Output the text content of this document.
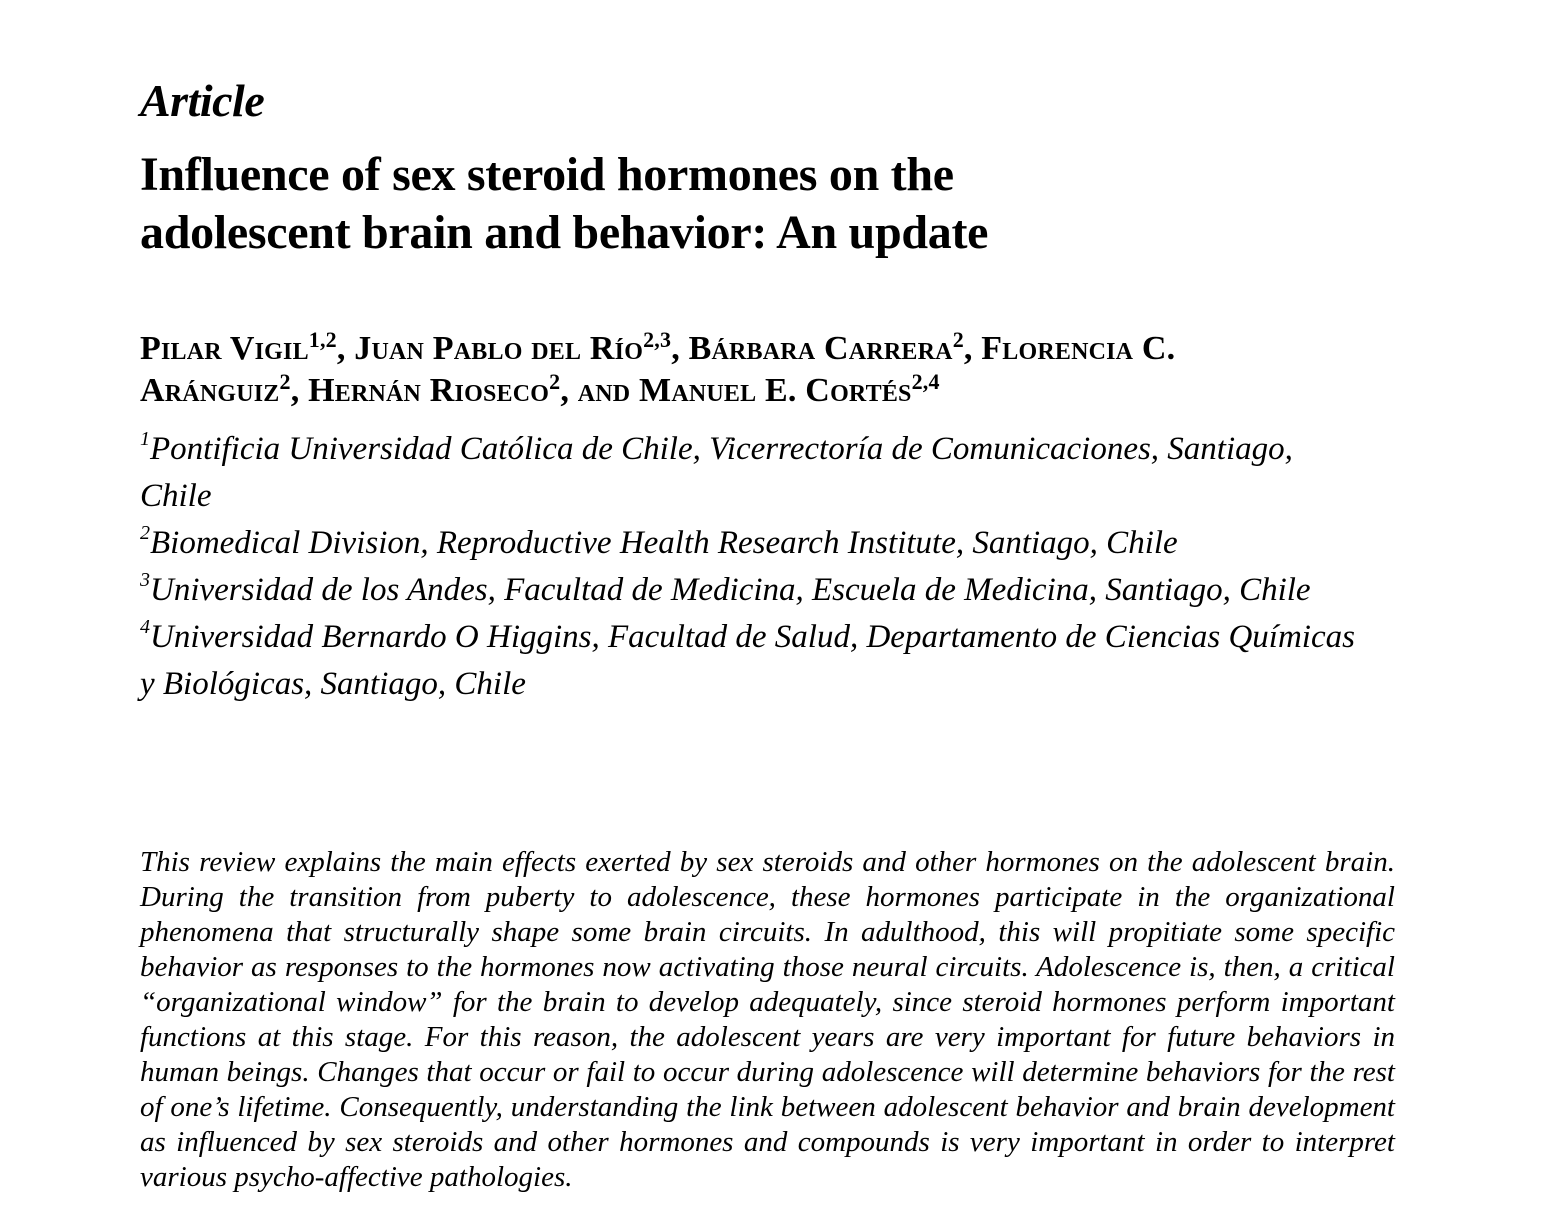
Article
Influence of sex steroid hormones on the
adolescent brain and behavior: An update
Pilar Vigil$^{1,2}$, Juan Pablo del Río$^{2,3}$, Bárbara Carrera$^2$, Florencia C.
Aránguiz$^2$, Hernán Rioseco$^2$, and Manuel E. Cortés$^{2,4}$
$^1$Pontificia Universidad Católica de Chile, Vicerrectoría de Comunicaciones, Santiago, Chile
$^2$Biomedical Division, Reproductive Health Research Institute, Santiago, Chile
$^3$Universidad de los Andes, Facultad de Medicina, Escuela de Medicina, Santiago, Chile
$^4$Universidad Bernardo O Higgins, Facultad de Salud, Departamento de Ciencias Químicas y Biológicas, Santiago, Chile

This review explains the main effects exerted by sex steroids and other hormones on the adolescent brain. During the transition from puberty to adolescence, these hormones participate in the organizational phenomena that structurally shape some brain circuits. In adulthood, this will propitiate some specific behavior as responses to the hormones now activating those neural circuits. Adolescence is, then, a critical “organizational window” for the brain to develop adequately, since steroid hormones perform important functions at this stage. For this reason, the adolescent years are very important for future behaviors in human beings. Changes that occur or fail to occur during adolescence will determine behaviors for the rest of one’s lifetime. Consequently, understanding the link between adolescent behavior and brain development as influenced by sex steroids and other hormones and compounds is very important in order to interpret various psycho-affective pathologies.
